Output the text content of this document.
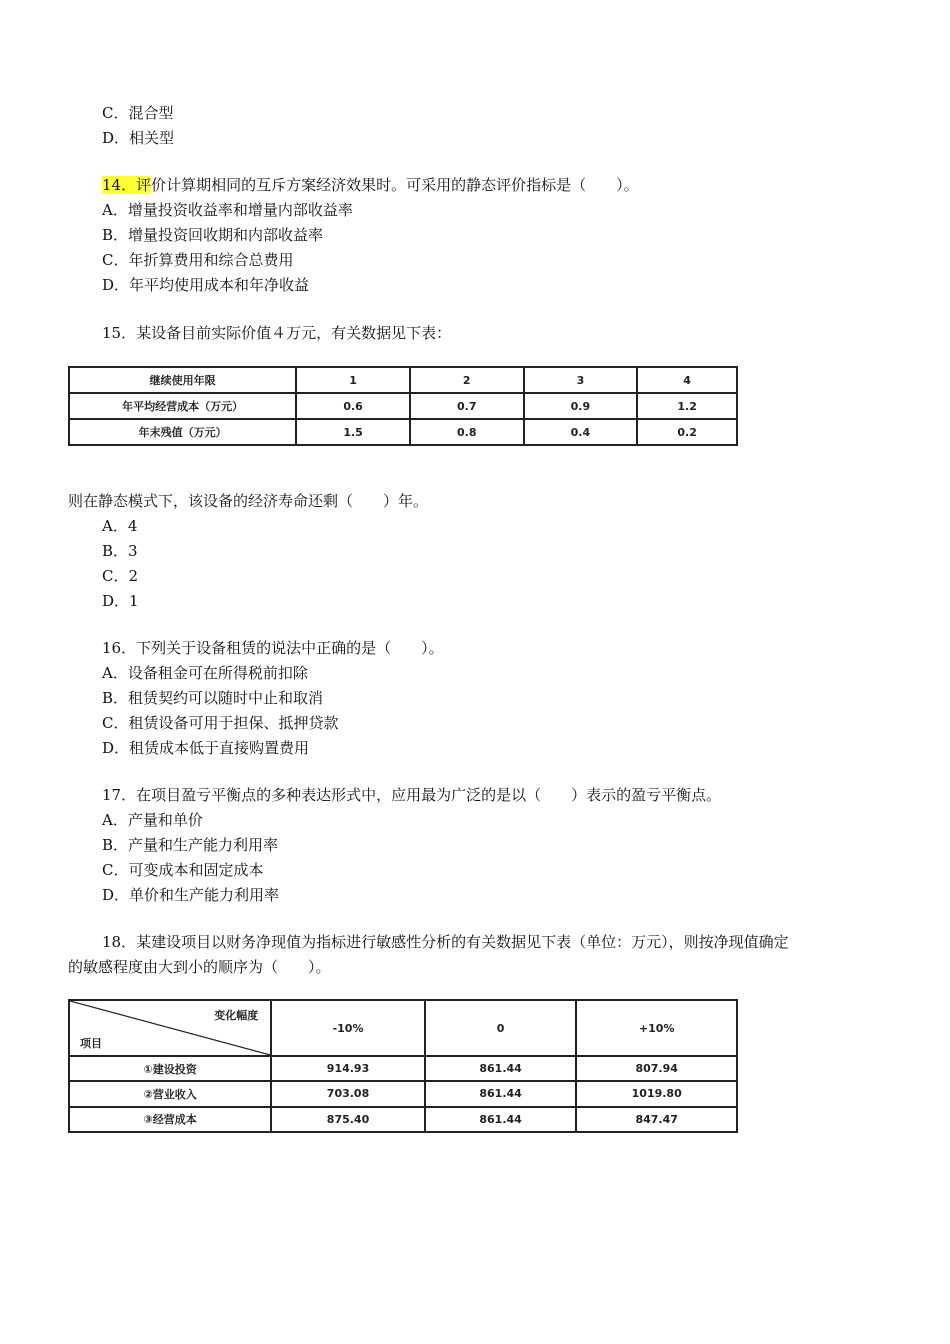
C．混合型
D．相关型
14．评价计算期相同的互斥方案经济效果时。可采用的静态评价指标是（　　）。
A．增量投资收益率和增量内部收益率
B．增量投资回收期和内部收益率
C．年折算费用和综合总费用
D．年平均使用成本和年净收益
15．某设备目前实际价值４万元，有关数据见下表：
继续使用年限	1	2	3	4
年平均经营成本（万元）	0.6	0.7	0.9	1.2
年末残值（万元）	1.5	0.8	0.4	0.2
则在静态模式下，该设备的经济寿命还剩（　　）年。
A．4
B．3
C．2
D．1
16．下列关于设备租赁的说法中正确的是（　　）。
A．设备租金可在所得税前扣除
B．租赁契约可以随时中止和取消
C．租赁设备可用于担保、抵押贷款
D．租赁成本低于直接购置费用
17．在项目盈亏平衡点的多种表达形式中，应用最为广泛的是以（　　）表示的盈亏平衡点。
A．产量和单价
B．产量和生产能力利用率
C．可变成本和固定成本
D．单价和生产能力利用率
18．某建设项目以财务净现值为指标进行敏感性分析的有关数据见下表（单位：万元），则按净现值确定
的敏感程度由大到小的顺序为（　　）。
变化幅度
项目	-10%	0	+10%
①建设投资	914.93	861.44	807.94
②营业收入	703.08	861.44	1019.80
③经营成本	875.40	861.44	847.47
